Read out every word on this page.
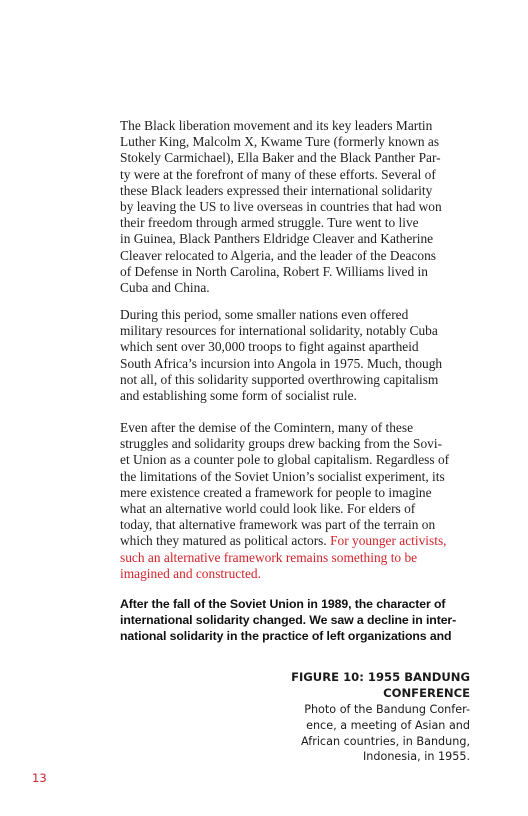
The Black liberation movement and its key leaders Martin
Luther King, Malcolm X, Kwame Ture (formerly known as
Stokely Carmichael), Ella Baker and the Black Panther Par-
ty were at the forefront of many of these efforts. Several of
these Black leaders expressed their international solidarity
by leaving the US to live overseas in countries that had won
their freedom through armed struggle. Ture went to live
in Guinea, Black Panthers Eldridge Cleaver and Katherine
Cleaver relocated to Algeria, and the leader of the Deacons
of Defense in North Carolina, Robert F. Williams lived in
Cuba and China.
During this period, some smaller nations even offered
military resources for international solidarity, notably Cuba
which sent over 30,000 troops to fight against apartheid
South Africa’s incursion into Angola in 1975. Much, though
not all, of this solidarity supported overthrowing capitalism
and establishing some form of socialist rule.
Even after the demise of the Comintern, many of these
struggles and solidarity groups drew backing from the Sovi-
et Union as a counter pole to global capitalism. Regardless of
the limitations of the Soviet Union’s socialist experiment, its
mere existence created a framework for people to imagine
what an alternative world could look like. For elders of
today, that alternative framework was part of the terrain on
which they matured as political actors. For younger activists,
such an alternative framework remains something to be
imagined and constructed.
After the fall of the Soviet Union in 1989, the character of
international solidarity changed. We saw a decline in inter-
national solidarity in the practice of left organizations and
FIGURE 10: 1955 BANDUNG
CONFERENCE
Photo of the Bandung Confer-
ence, a meeting of Asian and
African countries, in Bandung,
Indonesia, in 1955.
13
